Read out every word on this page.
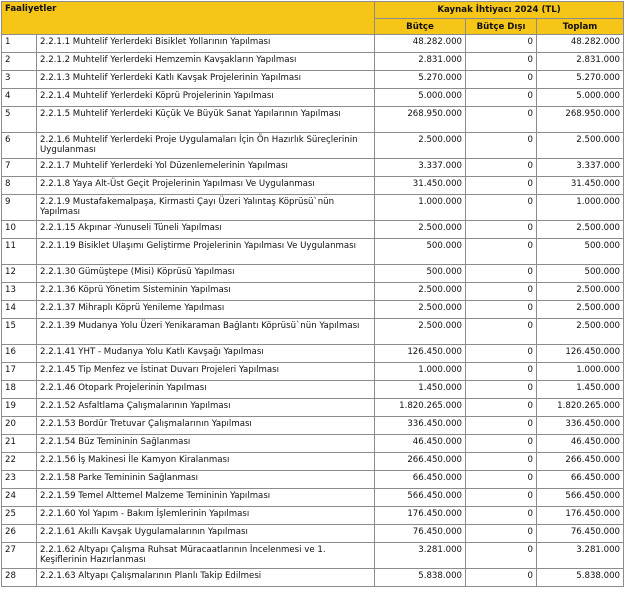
Faaliyetler		Kaynak İhtiyacı 2024 (TL)		
		Bütçe	Bütçe Dışı	Toplam
1	2.2.1.1 Muhtelif Yerlerdeki Bisiklet Yollarının Yapılması	48.282.000	0	48.282.000
2	2.2.1.2 Muhtelif Yerlerdeki Hemzemin Kavşakların Yapılması	2.831.000	0	2.831.000
3	2.2.1.3 Muhtelif Yerlerdeki Katlı Kavşak Projelerinin Yapılması	5.270.000	0	5.270.000
4	2.2.1.4 Muhtelif Yerlerdeki Köprü Projelerinin Yapılması	5.000.000	0	5.000.000
5	2.2.1.5 Muhtelif Yerlerdeki Küçük Ve Büyük Sanat Yapılarının Yapılması	268.950.000	0	268.950.000
6	2.2.1.6 Muhtelif Yerlerdeki Proje Uygulamaları İçin Ön Hazırlık Süreçlerinin Uygulanması	2.500.000	0	2.500.000
7	2.2.1.7 Muhtelif Yerlerdeki Yol Düzenlemelerinin Yapılması	3.337.000	0	3.337.000
8	2.2.1.8 Yaya Alt-Üst Geçit Projelerinin Yapılması Ve Uygulanması	31.450.000	0	31.450.000
9	2.2.1.9 Mustafakemalpaşa, Kirmasti Çayı Üzeri Yalıntaş Köprüsü`nün Yapılması	1.000.000	0	1.000.000
10	2.2.1.15 Akpınar -Yunuseli Tüneli Yapılması	2.500.000	0	2.500.000
11	2.2.1.19 Bisiklet Ulaşımı Geliştirme Projelerinin Yapılması Ve Uygulanması	500.000	0	500.000
12	2.2.1.30 Gümüştepe (Misi) Köprüsü Yapılması	500.000	0	500.000
13	2.2.1.36 Köprü Yönetim Sisteminin Yapılması	2.500.000	0	2.500.000
14	2.2.1.37 Mihraplı Köprü Yenileme Yapılması	2.500.000	0	2.500.000
15	2.2.1.39 Mudanya Yolu Üzeri Yenikaraman Bağlantı Köprüsü`nün Yapılması	2.500.000	0	2.500.000
16	2.2.1.41 YHT - Mudanya Yolu Katlı Kavşağı Yapılması	126.450.000	0	126.450.000
17	2.2.1.45 Tip Menfez ve İstinat Duvarı Projeleri Yapılması	1.000.000	0	1.000.000
18	2.2.1.46 Otopark Projelerinin Yapılması	1.450.000	0	1.450.000
19	2.2.1.52 Asfaltlama Çalışmalarının Yapılması	1.820.265.000	0	1.820.265.000
20	2.2.1.53 Bordür Tretuvar Çalışmalarının Yapılması	336.450.000	0	336.450.000
21	2.2.1.54 Büz Temininin Sağlanması	46.450.000	0	46.450.000
22	2.2.1.56 İş Makinesi İle Kamyon Kiralanması	266.450.000	0	266.450.000
23	2.2.1.58 Parke Temininin Sağlanması	66.450.000	0	66.450.000
24	2.2.1.59 Temel Alttemel Malzeme Temininin Yapılması	566.450.000	0	566.450.000
25	2.2.1.60 Yol Yapım - Bakım İşlemlerinin Yapılması	176.450.000	0	176.450.000
26	2.2.1.61 Akıllı Kavşak Uygulamalarının Yapılması	76.450.000	0	76.450.000
27	2.2.1.62 Altyapı Çalışma Ruhsat Müracaatlarının İncelenmesi ve 1. Keşiflerinin Hazırlanması	3.281.000	0	3.281.000
28	2.2.1.63 Altyapı Çalışmalarının Planlı Takip Edilmesi	5.838.000	0	5.838.000
